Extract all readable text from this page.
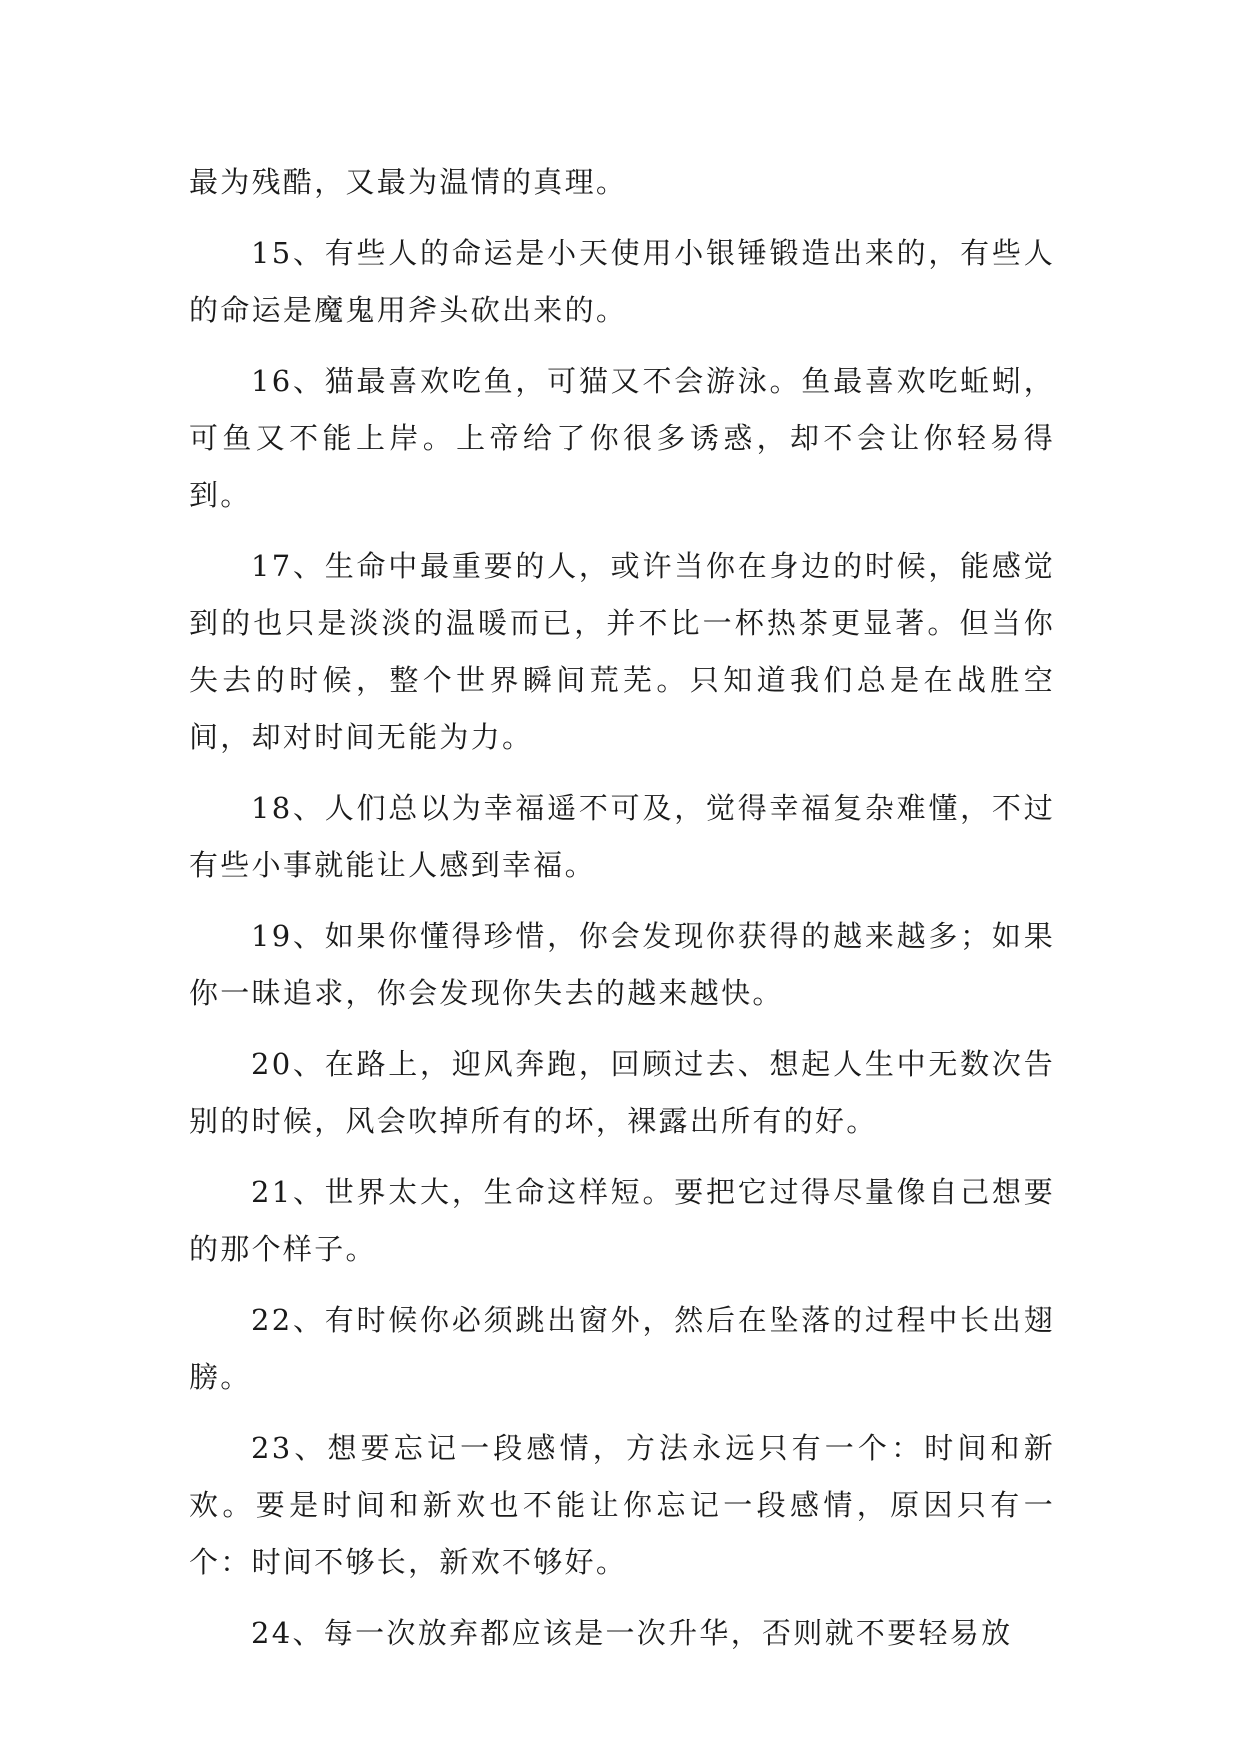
最为残酷，又最为温情的真理。

15、有些人的命运是小天使用小银锤锻造出来的，有些人的命运是魔鬼用斧头砍出来的。

16、猫最喜欢吃鱼，可猫又不会游泳。鱼最喜欢吃蚯蚓，可鱼又不能上岸。上帝给了你很多诱惑，却不会让你轻易得到。

17、生命中最重要的人，或许当你在身边的时候，能感觉到的也只是淡淡的温暖而已，并不比一杯热茶更显著。但当你失去的时候，整个世界瞬间荒芜。只知道我们总是在战胜空间，却对时间无能为力。

18、人们总以为幸福遥不可及，觉得幸福复杂难懂，不过有些小事就能让人感到幸福。

19、如果你懂得珍惜，你会发现你获得的越来越多；如果你一昧追求，你会发现你失去的越来越快。

20、在路上，迎风奔跑，回顾过去、想起人生中无数次告别的时候，风会吹掉所有的坏，裸露出所有的好。

21、世界太大，生命这样短。要把它过得尽量像自己想要的那个样子。

22、有时候你必须跳出窗外，然后在坠落的过程中长出翅膀。

23、想要忘记一段感情，方法永远只有一个：时间和新欢。要是时间和新欢也不能让你忘记一段感情，原因只有一个：时间不够长，新欢不够好。

24、每一次放弃都应该是一次升华，否则就不要轻易放
